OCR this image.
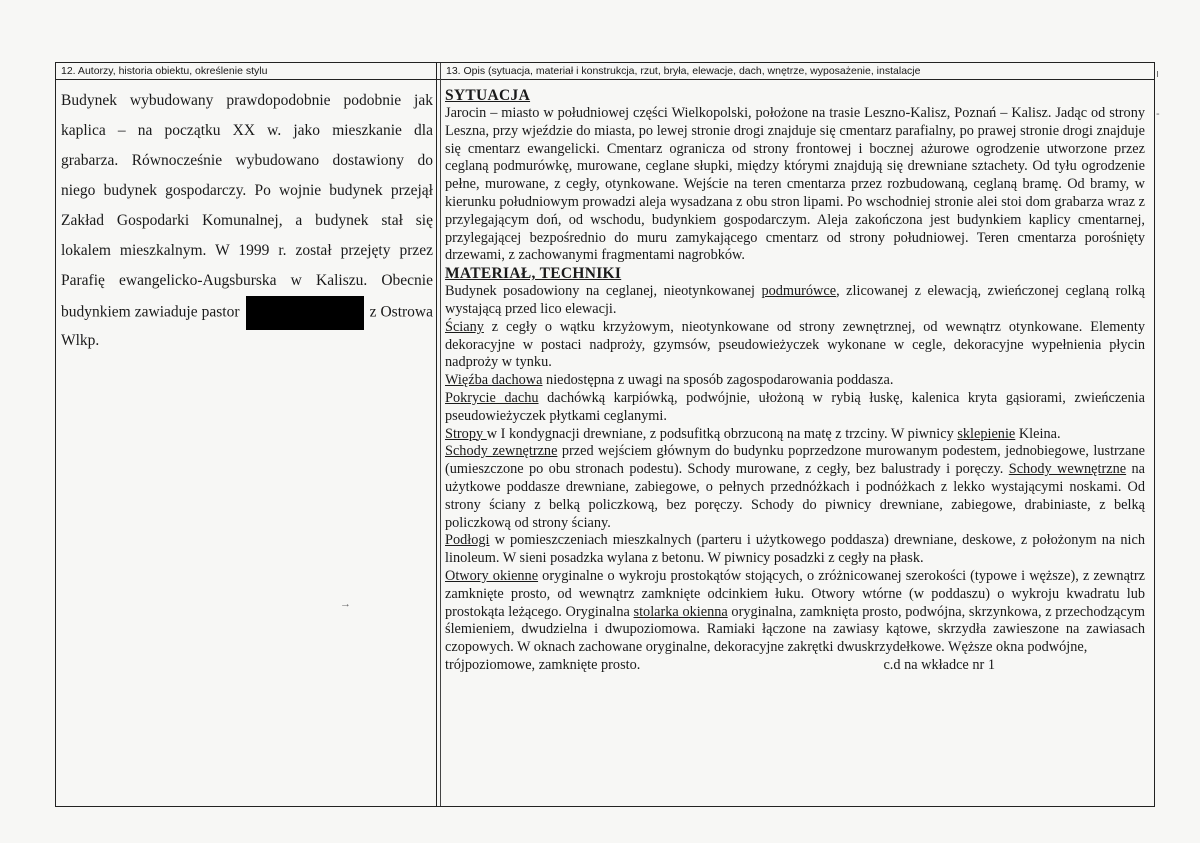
12. Autorzy, historia obiektu, określenie stylu	13. Opis (sytuacja, materiał i konstrukcja, rzut, bryła, elewacje, dach, wnętrze, wyposażenie, instalacje
Budynek wybudowany prawdopodobnie podobnie jak
kaplica – na początku XX w. jako mieszkanie dla
grabarza. Równocześnie wybudowano dostawiony do
niego budynek gospodarczy. Po wojnie budynek przejął
Zakład Gospodarki Komunalnej, a budynek stał się
lokalem mieszkalnym. W 1999 r. został przejęty przez
Parafię ewangelicko-Augsburska w Kaliszu. Obecnie
budynkiem zawiaduje pastor	z Ostrowa
Wlkp.
SYTUACJA

Jarocin – miasto w południowej części Wielkopolski, położone na trasie Leszno-Kalisz, Poznań – Kalisz. Jadąc od strony Leszna, przy wjeździe do miasta, po lewej stronie drogi znajduje się cmentarz parafialny, po prawej stronie drogi znajduje się cmentarz ewangelicki. Cmentarz ogranicza od strony frontowej i bocznej ażurowe ogrodzenie utworzone przez ceglaną podmurówkę, murowane, ceglane słupki, między którymi znajdują się drewniane sztachety. Od tyłu ogrodzenie pełne, murowane, z cegły, otynkowane. Wejście na teren cmentarza przez rozbudowaną, ceglaną bramę. Od bramy, w kierunku południowym prowadzi aleja wysadzana z obu stron lipami. Po wschodniej stronie alei stoi dom grabarza wraz z przylegającym doń, od wschodu, budynkiem gospodarczym. Aleja zakończona jest budynkiem kaplicy cmentarnej, przylegającej bezpośrednio do muru zamykającego cmentarz od strony południowej. Teren cmentarza porośnięty drzewami, z zachowanymi fragmentami nagrobków.

MATERIAŁ, TECHNIKI

Budynek posadowiony na ceglanej, nieotynkowanej podmurówce, zlicowanej z elewacją, zwieńczonej ceglaną rolką wystającą przed lico elewacji.

Ściany z cegły o wątku krzyżowym, nieotynkowane od strony zewnętrznej, od wewnątrz otynkowane. Elementy dekoracyjne w postaci nadproży, gzymsów, pseudowieżyczek wykonane w cegle, dekoracyjne wypełnienia płycin nadproży w tynku.

Więźba dachowa niedostępna z uwagi na sposób zagospodarowania poddasza.

Pokrycie dachu dachówką karpiówką, podwójnie, ułożoną w rybią łuskę, kalenica kryta gąsiorami, zwieńczenia pseudowieżyczek płytkami ceglanymi.

Stropy w I kondygnacji drewniane, z podsufitką obrzuconą na matę z trzciny. W piwnicy sklepienie Kleina.

Schody zewnętrzne przed wejściem głównym do budynku poprzedzone murowanym podestem, jednobiegowe, lustrzane (umieszczone po obu stronach podestu). Schody murowane, z cegły, bez balustrady i poręczy. Schody wewnętrzne na użytkowe poddasze drewniane, zabiegowe, o pełnych przednóżkach i podnóżkach z lekko wystającymi noskami. Od strony ściany z belką policzkową, bez poręczy. Schody do piwnicy drewniane, zabiegowe, drabiniaste, z belką policzkową od strony ściany.

Podłogi w pomieszczeniach mieszkalnych (parteru i użytkowego poddasza) drewniane, deskowe, z położonym na nich linoleum. W sieni posadzka wylana z betonu. W piwnicy posadzki z cegły na płask.

Otwory okienne oryginalne o wykroju prostokątów stojących, o zróżnicowanej szerokości (typowe i węższe), z zewnątrz zamknięte prosto, od wewnątrz zamknięte odcinkiem łuku. Otwory wtórne (w poddaszu) o wykroju kwadratu lub prostokąta leżącego. Oryginalna stolarka okienna oryginalna, zamknięta prosto, podwójna, skrzynkowa, z przechodzącym ślemieniem, dwudzielna i dwupoziomowa. Ramiaki łączone na zawiasy kątowe, skrzydła zawieszone na zawiasach czopowych. W oknach zachowane oryginalne, dekoracyjne zakrętki dwuskrzydełkowe. Węższe okna podwójne,

trójpoziomowe, zamknięte prosto.	c.d na wkładce nr 1

ı
-
→
